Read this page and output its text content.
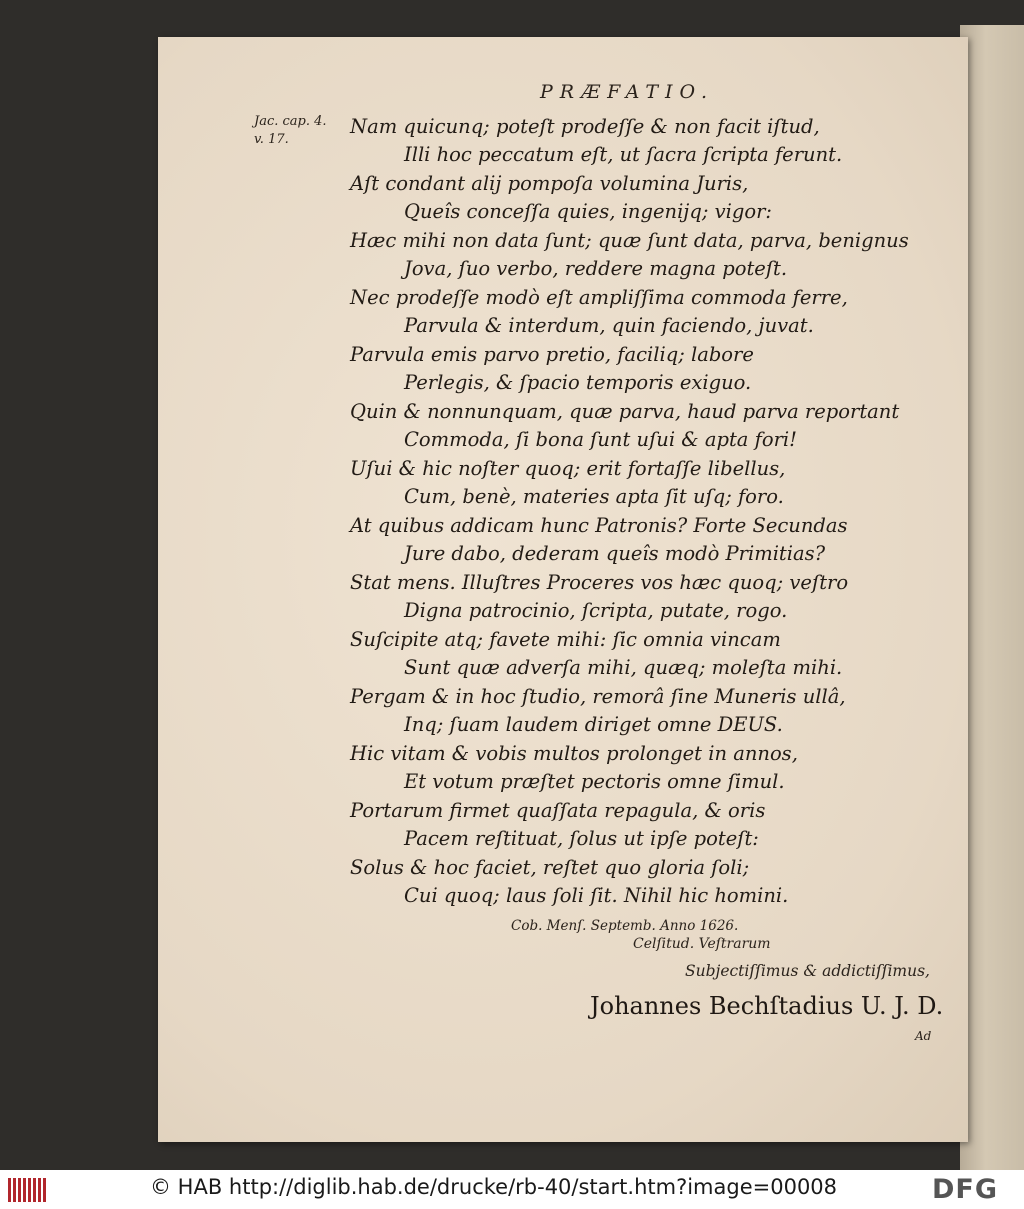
PRÆFATIO.
Jac. cap. 4.
v. 17.
Nam quicunq; poteſt prodeſſe & non facit iſtud,
Illi hoc peccatum eſt, ut ſacra ſcripta ferunt.
Aſt condant alij pompoſa volumina Juris,
Queîs conceſſa quies, ingenijq; vigor:
Hæc mihi non data ſunt; quæ ſunt data, parva, benignus
Jova, ſuo verbo, reddere magna poteſt.
Nec prodeſſe modò eſt ampliſſima commoda ferre,
Parvula & interdum, quin faciendo, juvat.
Parvula emis parvo pretio, faciliq; labore
Perlegis, & ſpacio temporis exiguo.
Quin & nonnunquam, quæ parva, haud parva reportant
Commoda, ſi bona ſunt uſui & apta fori!
Uſui & hic noſter quoq; erit fortaſſe libellus,
Cum, benè, materies apta ſit uſq; foro.
At quibus addicam hunc Patronis? Forte Secundas
Jure dabo, dederam queîs modò Primitias?
Stat mens. Illuſtres Proceres vos hæc quoq; veſtro
Digna patrocinio, ſcripta, putate, rogo.
Suſcipite atq; favete mihi: ſic omnia vincam
Sunt quæ adverſa mihi, quæq; moleſta mihi.
Pergam & in hoc ſtudio, remorâ ſine Muneris ullâ,
Inq; ſuam laudem diriget omne DEUS.
Hic vitam & vobis multos prolonget in annos,
Et votum præſtet pectoris omne ſimul.
Portarum firmet quaſſata repagula, & oris
Pacem reſtituat, ſolus ut ipſe poteſt:
Solus & hoc faciet, reſtet quo gloria ſoli;
Cui quoq; laus ſoli ſit. Nihil hic homini.
Cob. Menſ. Septemb. Anno 1626.
Celſitud. Veſtrarum
Subjectiſſimus & addictiſſimus,
Johannes Bechſtadius U. J. D.
Ad
© HAB http://diglib.hab.de/drucke/rb-40/start.htm?image=00008	DFG
